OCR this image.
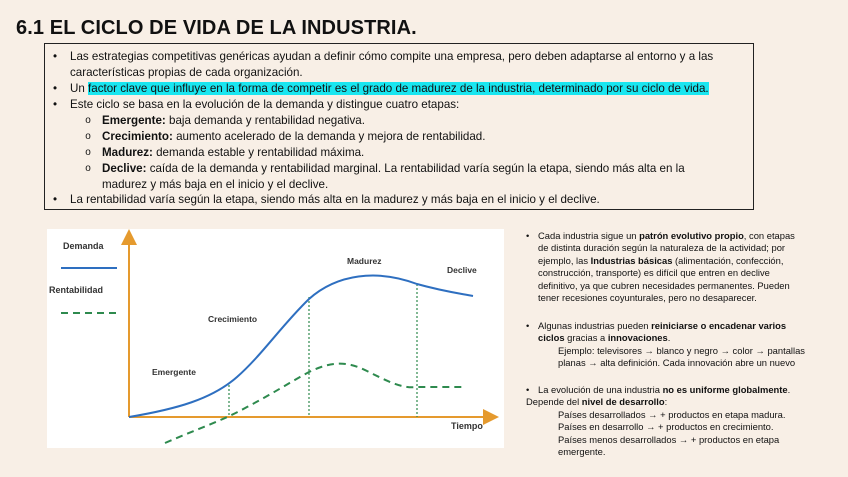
6.1 EL CICLO DE VIDA DE LA INDUSTRIA.
• Las estrategias competitivas genéricas ayudan a definir cómo compite una empresa, pero deben adaptarse al entorno y a las características propias de cada organización.
• Un factor clave que influye en la forma de competir es el grado de madurez de la industria, determinado por su ciclo de vida.
• Este ciclo se basa en la evolución de la demanda y distingue cuatro etapas:
o Emergente: baja demanda y rentabilidad negativa.
o Crecimiento: aumento acelerado de la demanda y mejora de rentabilidad.
o Madurez: demanda estable y rentabilidad máxima.
o Declive: caída de la demanda y rentabilidad marginal. La rentabilidad varía según la etapa, siendo más alta en la madurez y más baja en el inicio y el declive.
• La rentabilidad varía según la etapa, siendo más alta en la madurez y más baja en el inicio y el declive.
Demanda
Rentabilidad
Emergente
Crecimiento
Madurez
Declive
Tiempo
• Cada industria sigue un patrón evolutivo propio, con etapas
de distinta duración según la naturaleza de la actividad; por
ejemplo, las Industrias básicas (alimentación, confección,
construcción, transporte) es difícil que entren en declive
definitivo, ya que cubren necesidades permanentes. Pueden
tener recesiones coyunturales, pero no desaparecer.
• Algunas industrias pueden reiniciarse o encadenar varios
ciclos gracias a innovaciones.
Ejemplo: televisores → blanco y negro → color → pantallas
planas → alta definición. Cada innovación abre un nuevo
• La evolución de una industria no es uniforme globalmente.
Depende del nivel de desarrollo:
Países desarrollados → + productos en etapa madura.
Países en desarrollo → + productos en crecimiento.
Países menos desarrollados → + productos en etapa
emergente.
